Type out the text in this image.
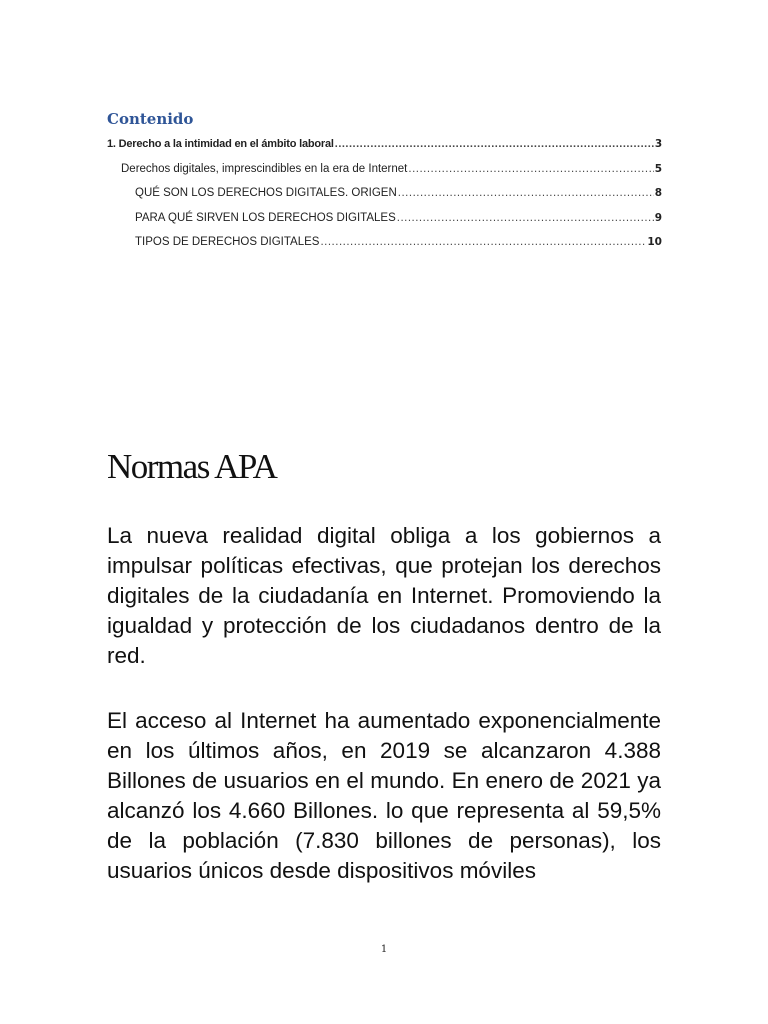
Contenido
1. Derecho a la intimidad en el ámbito laboral .....	3
Derechos digitales, imprescindibles en la era de Internet .....	5
QUÉ SON LOS DERECHOS DIGITALES. ORIGEN .....	8
PARA QUÉ SIRVEN LOS DERECHOS DIGITALES .....	9
TIPOS DE DERECHOS DIGITALES .....	10
Normas APA

La nueva realidad digital obliga a los gobiernos a impulsar políticas efectivas, que protejan los derechos digitales de la ciudadanía en Internet. Promoviendo la igualdad y protección de los ciudadanos dentro de la red.

El acceso al Internet ha aumentado exponencialmente en los últimos años, en 2019 se alcanzaron 4.388 Billones de usuarios en el mundo. En enero de 2021 ya alcanzó los 4.660 Billones. lo que representa al 59,5% de la población (7.830 billones de personas), los usuarios únicos desde dispositivos móviles

1
